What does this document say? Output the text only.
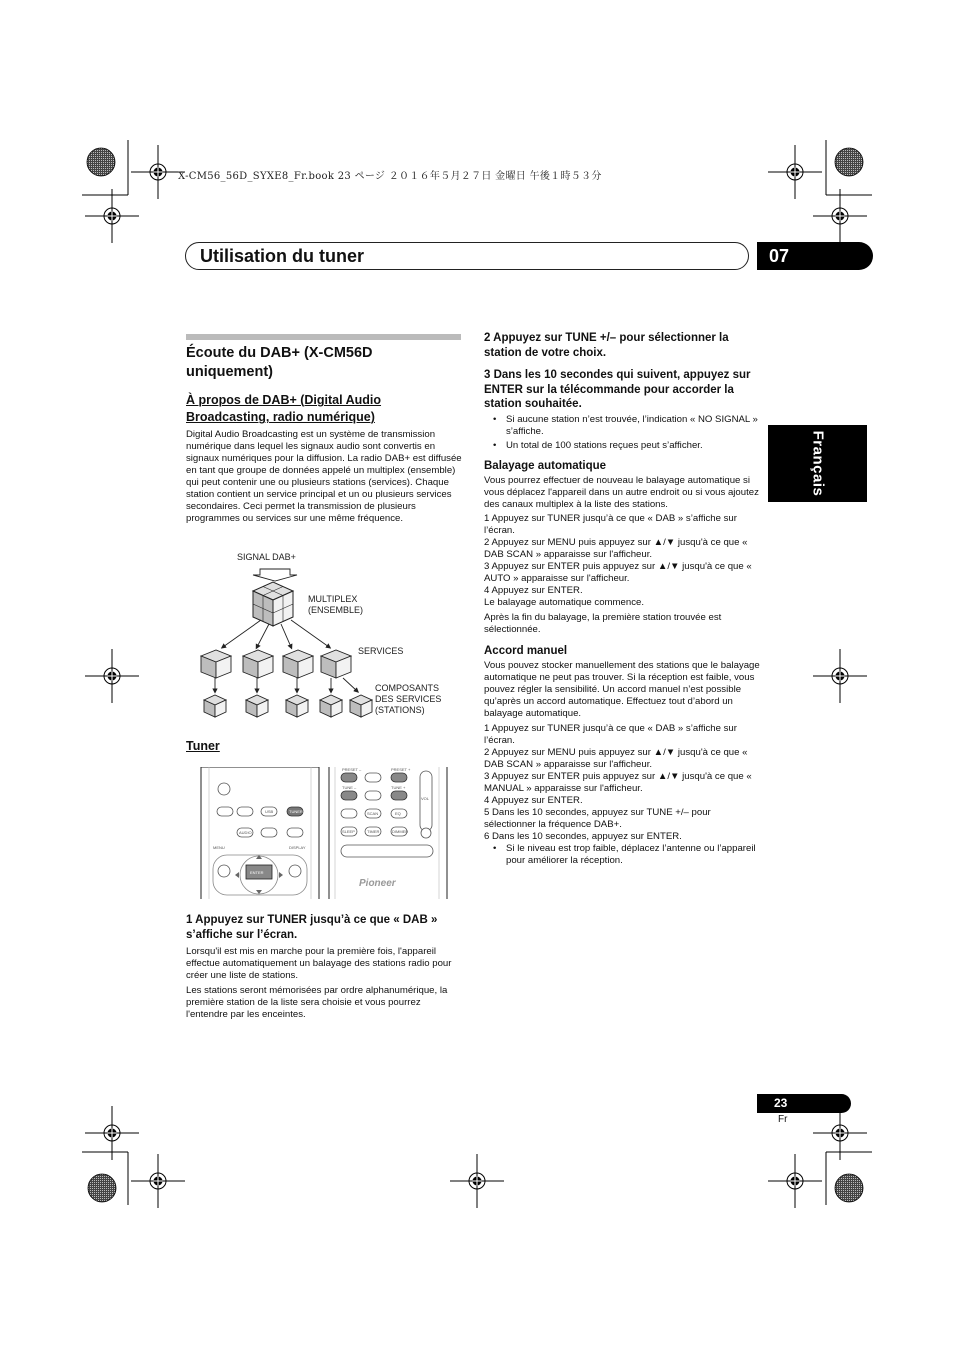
X-CM56_56D_SYXE8_Fr.book 23 ページ ２０１６年５月２７日 金曜日 午後１時５３分
Utilisation du tuner	07
Français
Écoute du DAB+ (X-CM56D uniquement)
À propos de DAB+ (Digital Audio Broadcasting, radio numérique)

Digital Audio Broadcasting est un système de transmission numérique dans lequel les signaux audio sont convertis en signaux numériques pour la diffusion. La radio DAB+ est diffusée en tant que groupe de données appelé un multiplex (ensemble) qui peut contenir une ou plusieurs stations (services). Chaque station contient un service principal et un ou plusieurs services secondaires. Ceci permet la transmission de plusieurs programmes ou services sur une même fréquence.

SIGNAL DAB+
MULTIPLEX
(ENSEMBLE)
SERVICES
COMPOSANTS
DES SERVICES
(STATIONS)
Tuner
TUNER
USB
AUDIO
MENU	DISPLAY
ENTER
PRESET –	PRESET +
TUNE –	TUNE +
VOL
SCAN	EQ
SLEEP	TIMER	DIMMER
Pioneer
1 Appuyez sur TUNER jusqu’à ce que « DAB » s’affiche sur l’écran.

Lorsqu'il est mis en marche pour la première fois, l'appareil effectue automatiquement un balayage des stations radio pour créer une liste de stations.

Les stations seront mémorisées par ordre alphanumérique, la première station de la liste sera choisie et vous pourrez l'entendre par les enceintes.

2 Appuyez sur TUNE +/– pour sélectionner la station de votre choix.
3 Dans les 10 secondes qui suivent, appuyez sur ENTER sur la télécommande pour accorder la station souhaitée.

• Si aucune station n’est trouvée, l’indication « NO SIGNAL » s’affiche.

• Un total de 100 stations reçues peut s’afficher.

Balayage automatique

Vous pourrez effectuer de nouveau le balayage automatique si vous déplacez l'appareil dans un autre endroit ou si vous ajoutez des canaux multiplex à la liste des stations.

1 Appuyez sur TUNER jusqu’à ce que « DAB » s’affiche sur l’écran.

2 Appuyez sur MENU puis appuyez sur ▲/▼ jusqu'à ce que « DAB SCAN » apparaisse sur l'afficheur.

3 Appuyez sur ENTER puis appuyez sur ▲/▼ jusqu'à ce que « AUTO » apparaisse sur l'afficheur.

4 Appuyez sur ENTER.

Le balayage automatique commence.

Après la fin du balayage, la première station trouvée est sélectionnée.

Accord manuel

Vous pouvez stocker manuellement des stations que le balayage automatique ne peut pas trouver. Si la réception est faible, vous pouvez régler la sensibilité. Un accord manuel n’est possible qu’après un accord automatique. Effectuez tout d’abord un balayage automatique.

1 Appuyez sur TUNER jusqu’à ce que « DAB » s’affiche sur l’écran.

2 Appuyez sur MENU puis appuyez sur ▲/▼ jusqu'à ce que « DAB SCAN » apparaisse sur l'afficheur.

3 Appuyez sur ENTER puis appuyez sur ▲/▼ jusqu'à ce que « MANUAL » apparaisse sur l'afficheur.

4 Appuyez sur ENTER.

5 Dans les 10 secondes, appuyez sur TUNE +/– pour sélectionner la fréquence DAB+.

6 Dans les 10 secondes, appuyez sur ENTER.

• Si le niveau est trop faible, déplacez l’antenne ou l’appareil pour améliorer la réception.

23
Fr
